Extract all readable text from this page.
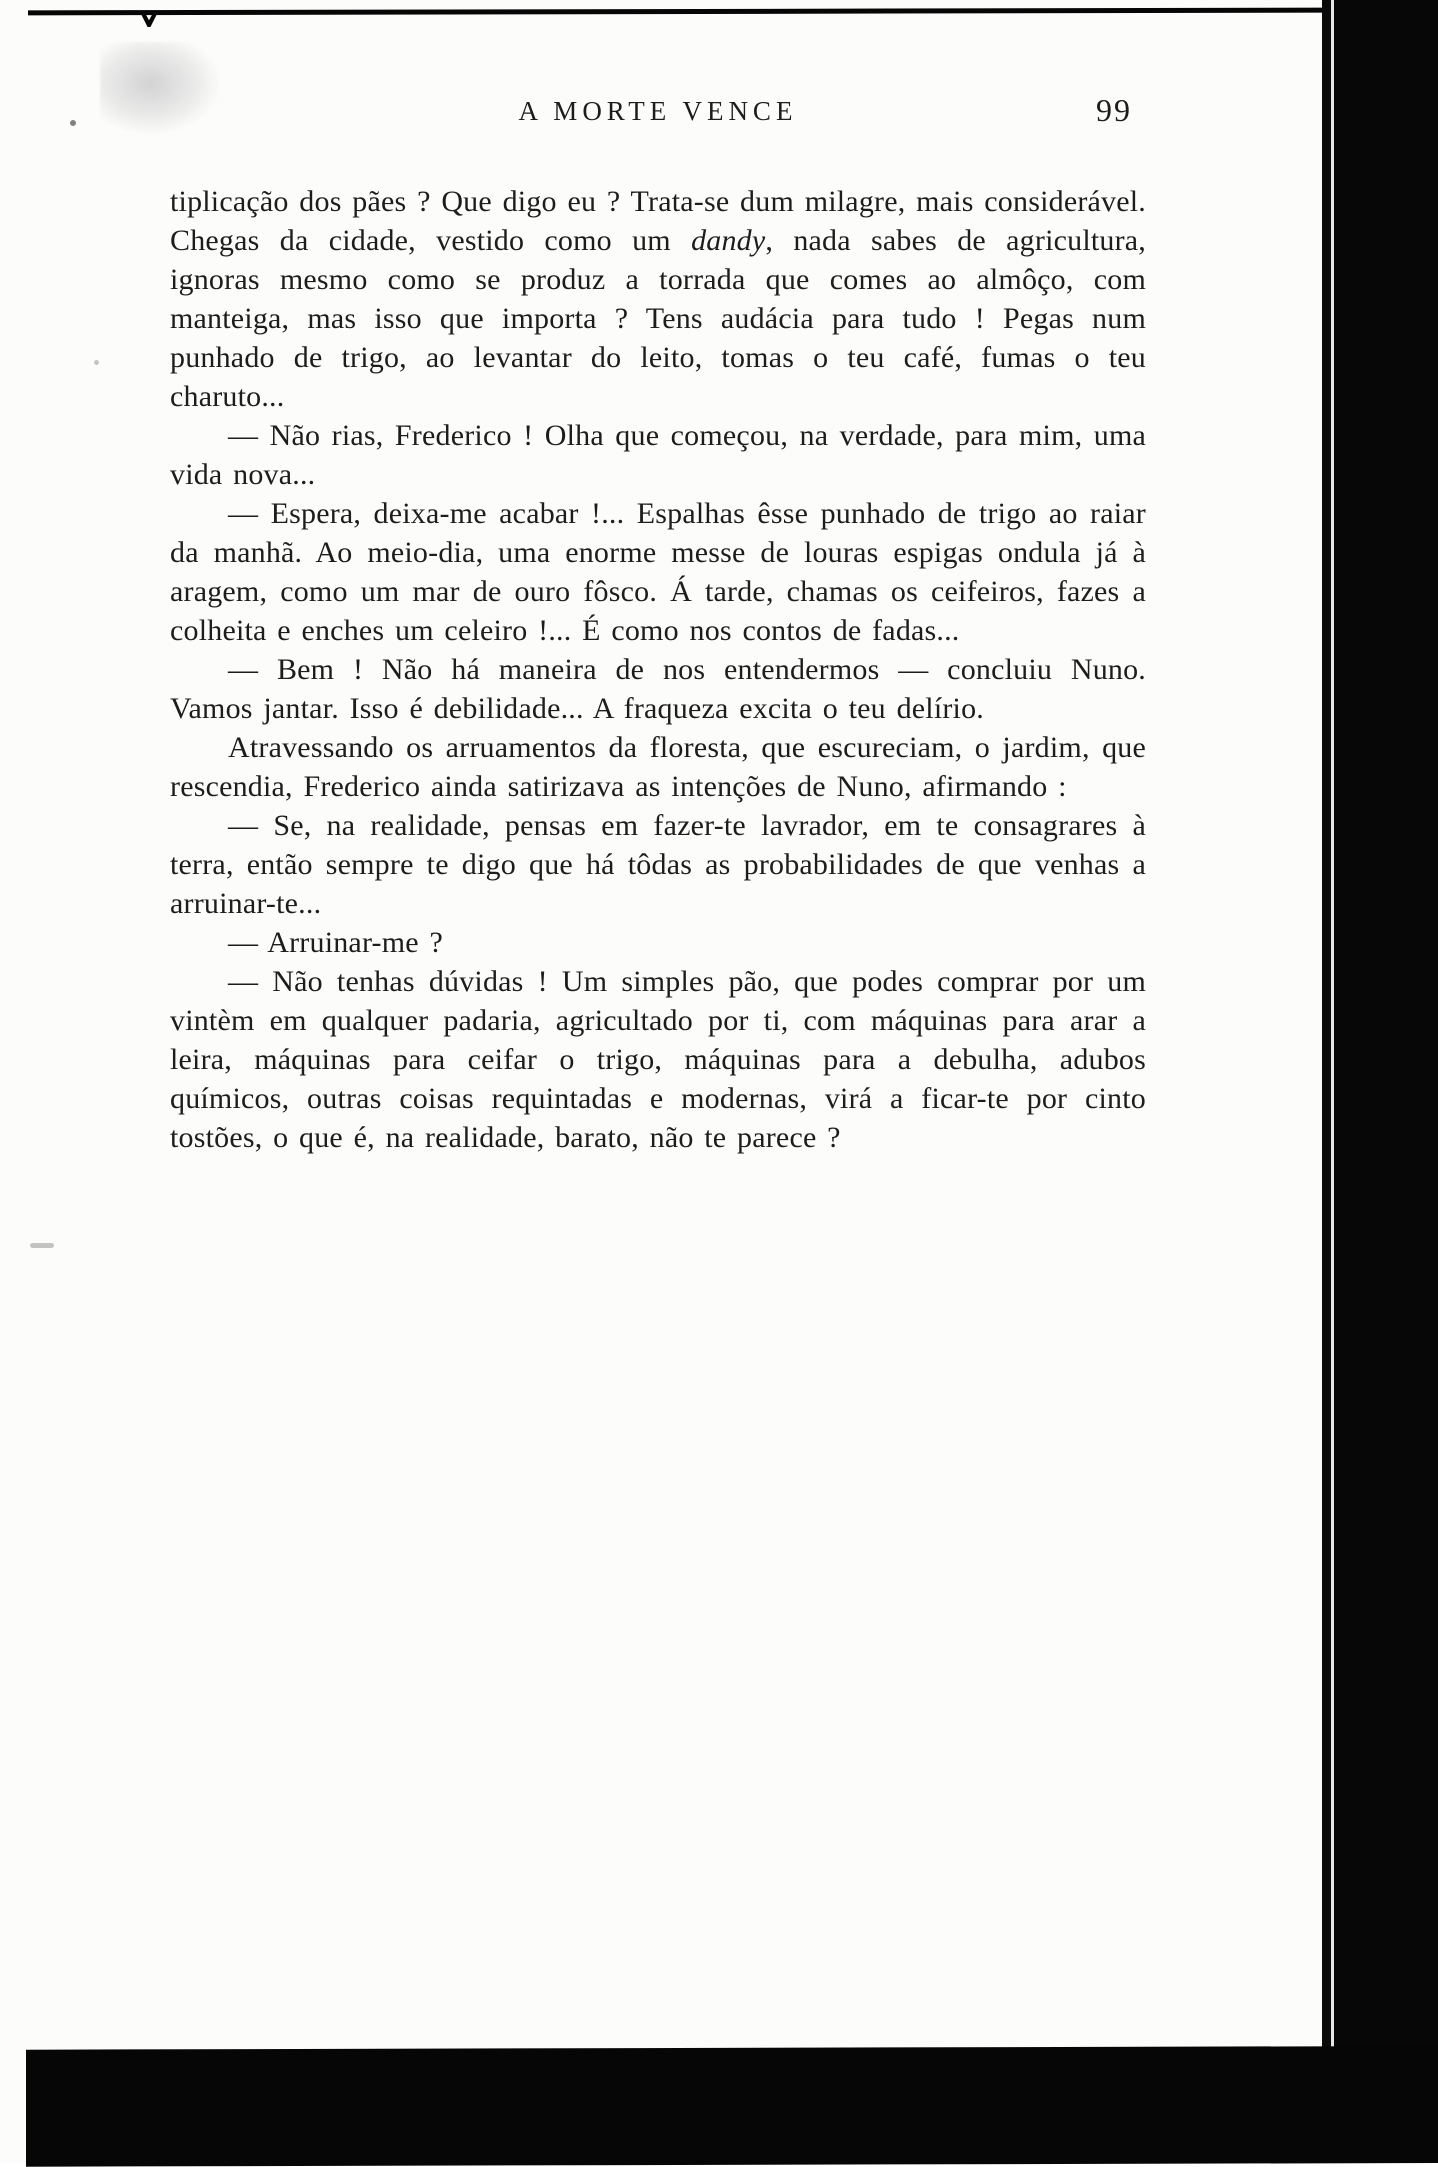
A MORTE VENCE	99

tiplicação dos pães ? Que digo eu ? Trata-se dum milagre, mais considerável. Chegas da cidade, vestido como um dandy, nada sabes de agricultura, ignoras mesmo como se produz a torrada que comes ao almôço, com manteiga, mas isso que importa ? Tens audácia para tudo ! Pegas num punhado de trigo, ao levantar do leito, tomas o teu café, fumas o teu charuto...

— Não rias, Frederico ! Olha que começou, na verdade, para mim, uma vida nova...

— Espera, deixa-me acabar !... Espalhas êsse punhado de trigo ao raiar da manhã. Ao meio-dia, uma enorme messe de louras espigas ondula já à aragem, como um mar de ouro fôsco. Á tarde, chamas os ceifeiros, fazes a colheita e enches um celeiro !... É como nos contos de fadas...

— Bem ! Não há maneira de nos entendermos — concluiu Nuno. Vamos jantar. Isso é debilidade... A fraqueza excita o teu delírio.

Atravessando os arruamentos da floresta, que escureciam, o jardim, que rescendia, Frederico ainda satirizava as intenções de Nuno, afirmando :

— Se, na realidade, pensas em fazer-te lavrador, em te consagrares à terra, então sempre te digo que há tôdas as probabilidades de que venhas a arruinar-te...

— Arruinar-me ?

— Não tenhas dúvidas ! Um simples pão, que podes comprar por um vintèm em qualquer padaria, agricultado por ti, com máquinas para arar a leira, máquinas para ceifar o trigo, máquinas para a debulha, adubos químicos, outras coisas requintadas e modernas, virá a ficar-te por cinto tostões, o que é, na realidade, barato, não te parece ?
